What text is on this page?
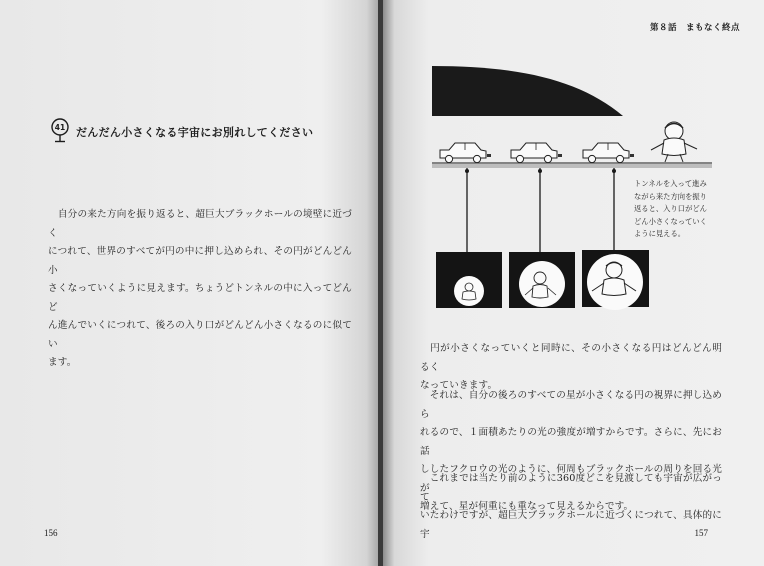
41 だんだん小さくなる宇宙にお別れしてください
　自分の来た方向を振り返ると、超巨大ブラックホールの境壁に近づく
につれて、世界のすべてが円の中に押し込められ、その円がどんどん小
さくなっていくように見えます。ちょうどトンネルの中に入ってどんど
ん進んでいくにつれて、後ろの入り口がどんどん小さくなるのに似てい
ます。
156
第８話　まもなく終点
157
トンネルを入って進み
ながら来た方向を振り
返ると、入り口がどん
どん小さくなっていく
ように見える。
　円が小さくなっていくと同時に、その小さくなる円はどんどん明るく
なっていきます。
　それは、自分の後ろのすべての星が小さくなる円の視界に押し込めら
れるので、１面積あたりの光の強度が増すからです。さらに、先にお話
ししたフクロウの光のように、何周もブラックホールの周りを回る光が
増えて、星が何重にも重なって見えるからです。
　これまでは当たり前のように360度どこを見渡しても宇宙が広がって
いたわけですが、超巨大ブラックホールに近づくにつれて、具体的に宇
